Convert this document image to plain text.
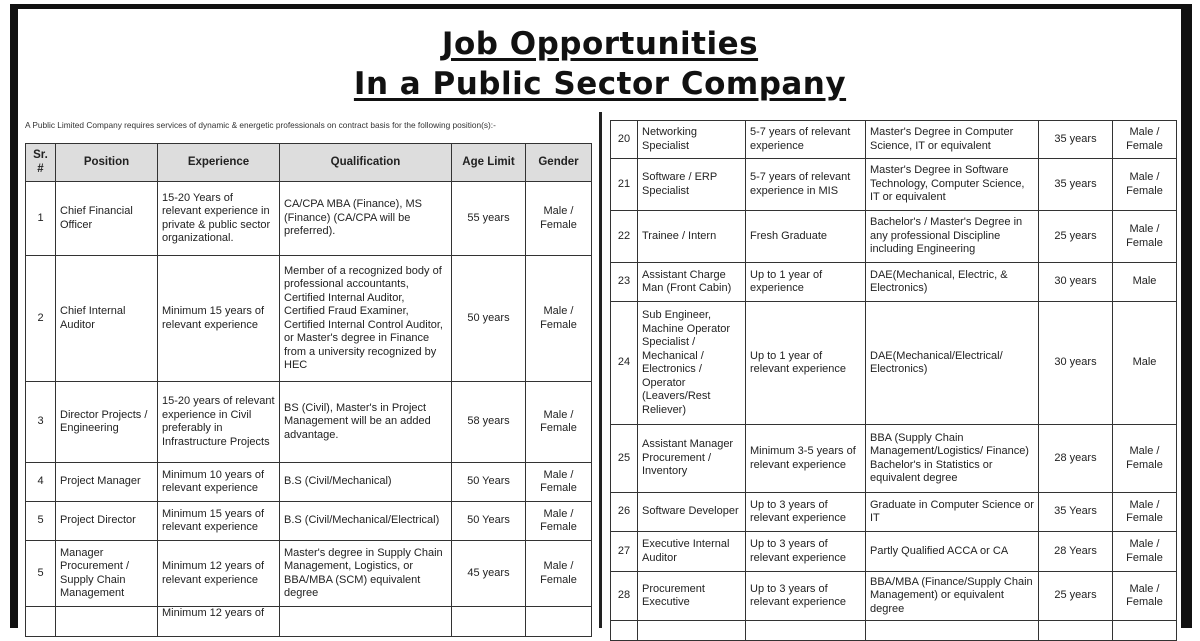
Job Opportunities
In a Public Sector Company
A Public Limited Company requires services of dynamic & energetic professionals on contract basis for the following position(s):-
Sr. #	Position	Experience	Qualification	Age Limit	Gender
1	Chief Financial Officer	15-20 Years of relevant experience in private & public sector organizational.	CA/CPA MBA (Finance), MS (Finance) (CA/CPA will be preferred).	55 years	Male / Female
2	Chief Internal Auditor	Minimum 15 years of relevant experience	Member of a recognized body of professional accountants, Certified Internal Auditor, Certified Fraud Examiner, Certified Internal Control Auditor, or Master's degree in Finance from a university recognized by HEC	50 years	Male / Female
3	Director Projects / Engineering	15-20 years of relevant experience in Civil preferably in Infrastructure Projects	BS (Civil), Master's in Project Management will be an added advantage.	58 years	Male / Female
4	Project Manager	Minimum 10 years of relevant experience	B.S (Civil/Mechanical)	50 Years	Male / Female
5	Project Director	Minimum 15 years of relevant experience	B.S (Civil/Mechanical/Electrical)	50 Years	Male / Female
5	Manager Procurement / Supply Chain Management	Minimum 12 years of relevant experience	Master's degree in Supply Chain Management, Logistics, or BBA/MBA (SCM) equivalent degree	45 years	Male / Female
		Minimum 12 years of			
20	Networking Specialist	5-7 years of relevant experience	Master's Degree in Computer Science, IT or equivalent	35 years	Male / Female
21	Software / ERP Specialist	5-7 years of relevant experience in MIS	Master's Degree in Software Technology, Computer Science, IT or equivalent	35 years	Male / Female
22	Trainee / Intern	Fresh Graduate	Bachelor's / Master's Degree in any professional Discipline including Engineering	25 years	Male / Female
23	Assistant Charge Man (Front Cabin)	Up to 1 year of experience	DAE(Mechanical, Electric, & Electronics)	30 years	Male
24	Sub Engineer, Machine Operator Specialist / Mechanical / Electronics / Operator (Leavers/Rest Reliever)	Up to 1 year of relevant experience	DAE(Mechanical/Electrical/ Electronics)	30 years	Male
25	Assistant Manager Procurement / Inventory	Minimum 3-5 years of relevant experience	BBA (Supply Chain Management/Logistics/ Finance) Bachelor's in Statistics or equivalent degree	28 years	Male / Female
26	Software Developer	Up to 3 years of relevant experience	Graduate in Computer Science or IT	35 Years	Male / Female
27	Executive Internal Auditor	Up to 3 years of relevant experience	Partly Qualified ACCA or CA	28 Years	Male / Female
28	Procurement Executive	Up to 3 years of relevant experience	BBA/MBA (Finance/Supply Chain Management) or equivalent degree	25 years	Male / Female
